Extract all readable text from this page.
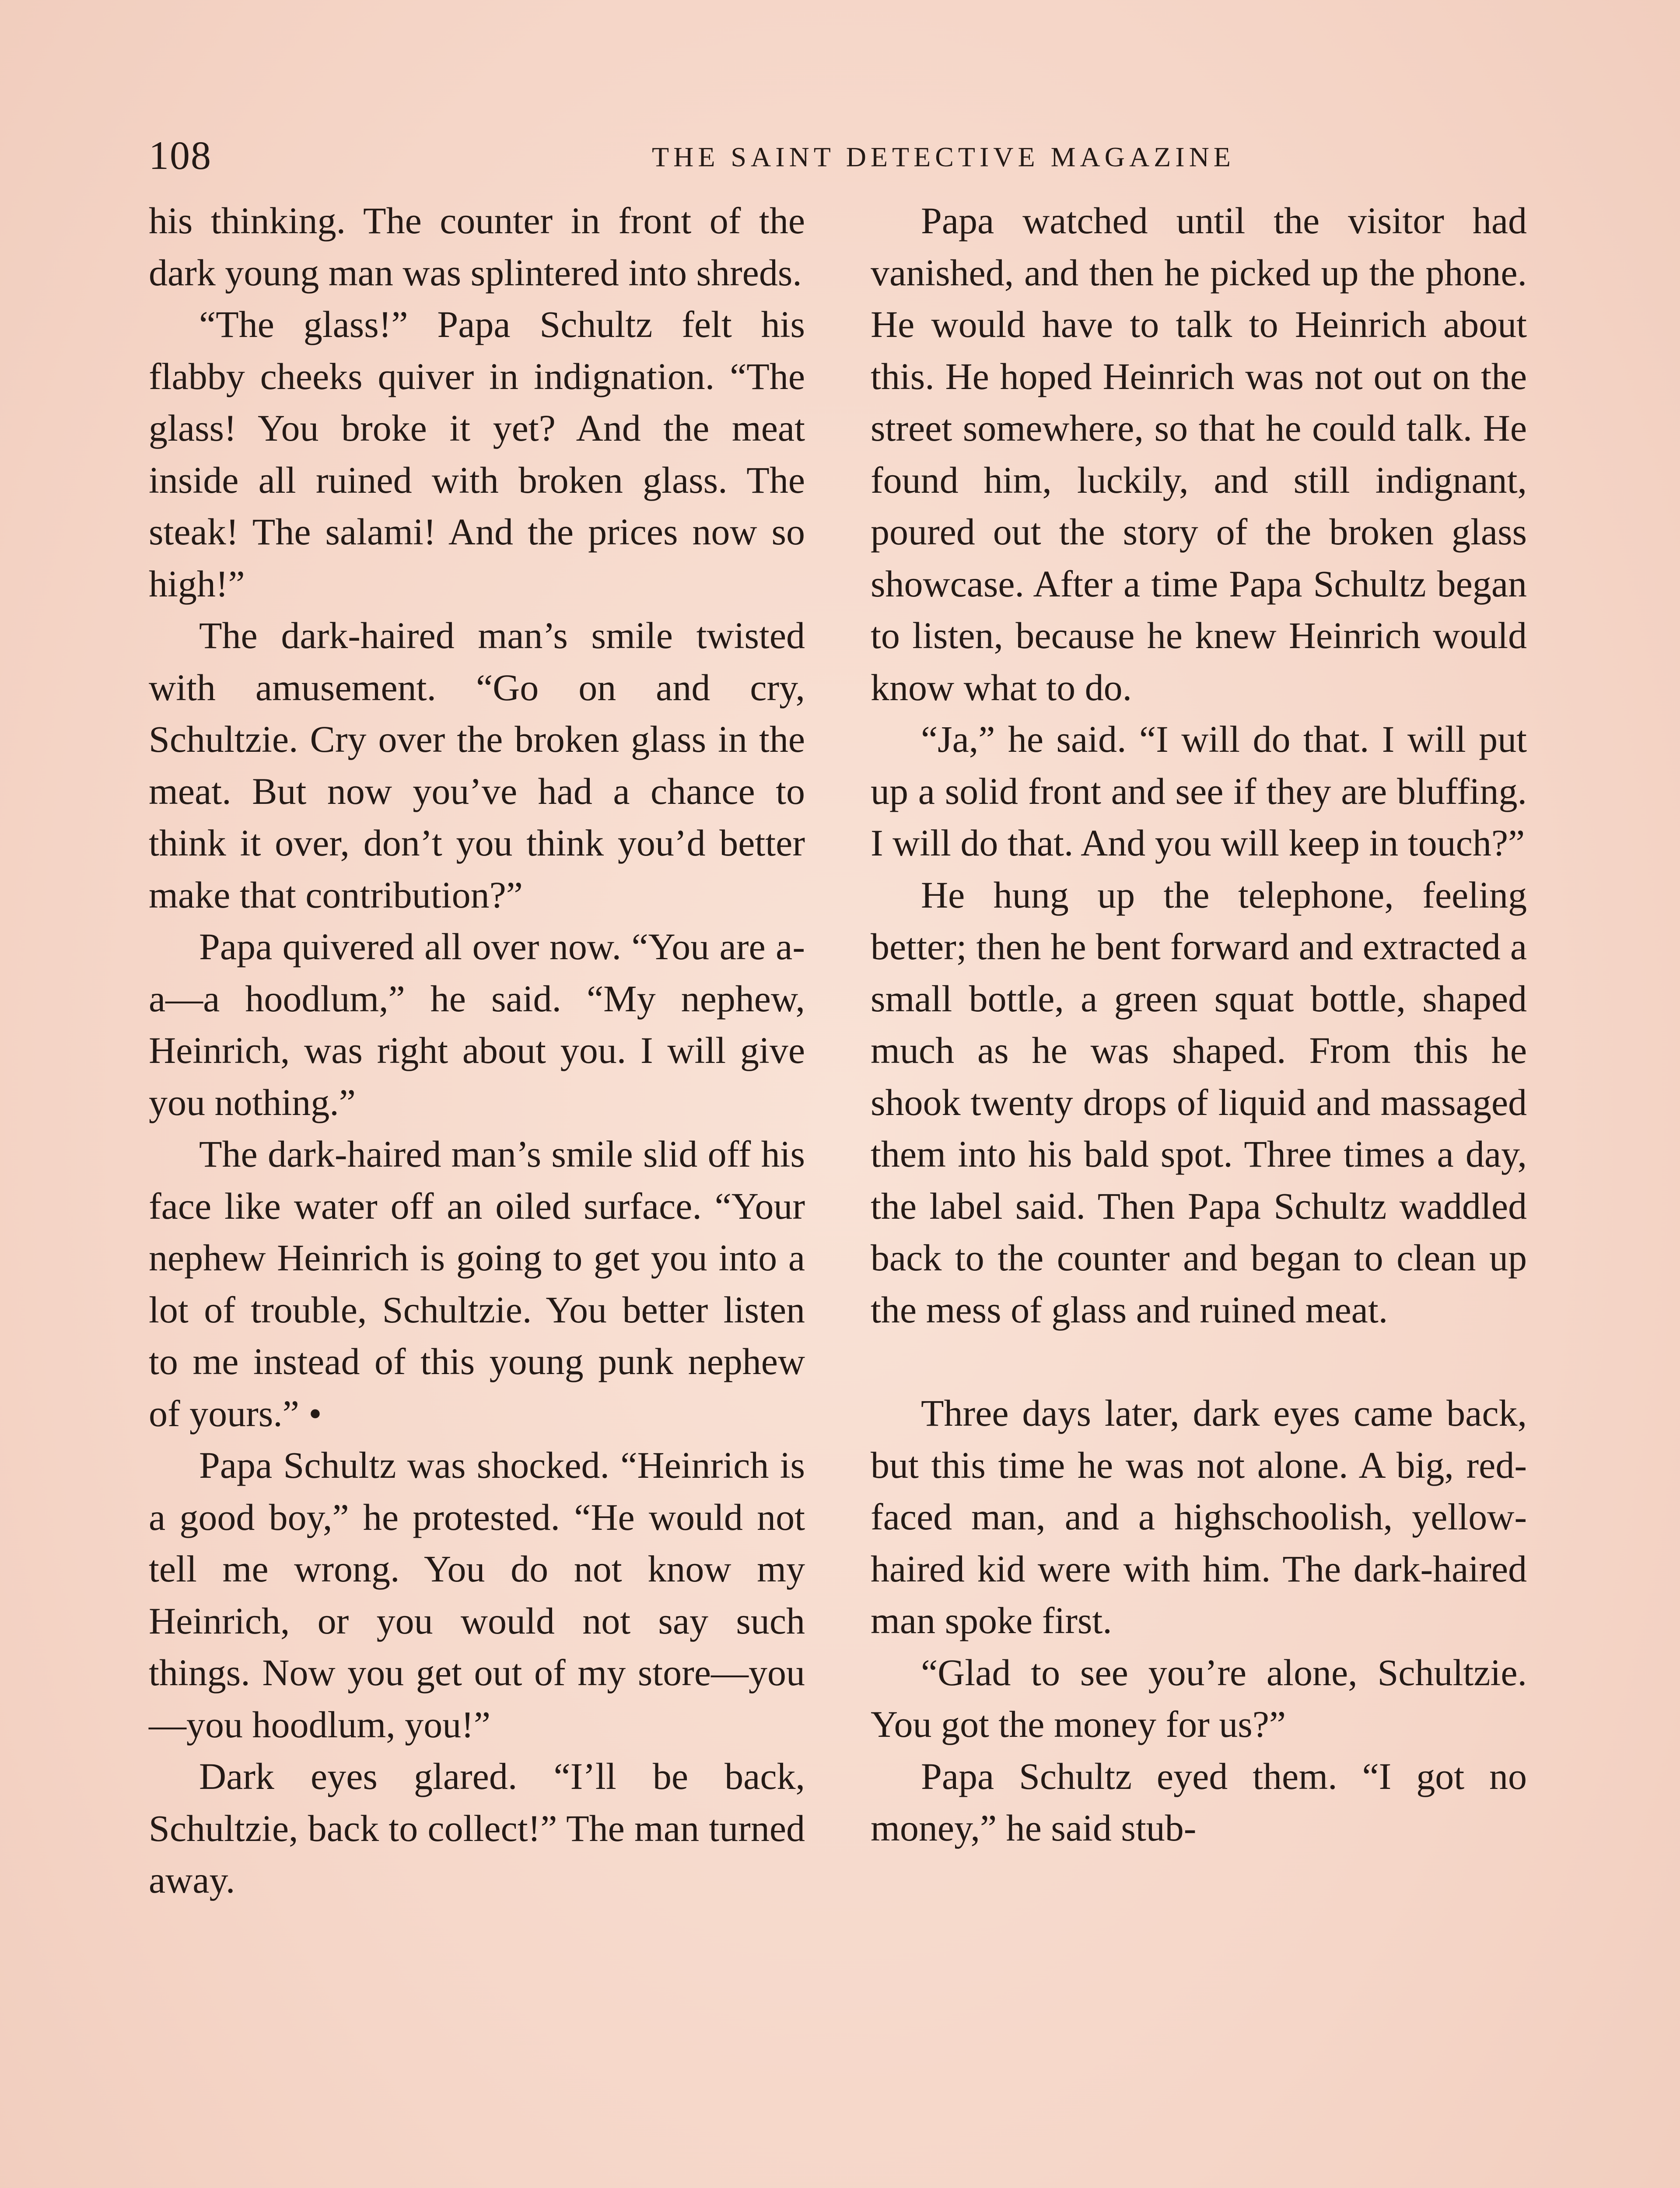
108	THE SAINT DETECTIVE MAGAZINE

his thinking. The counter in front of the dark young man was splintered into shreds.

“The glass!” Papa Schultz felt his flabby cheeks quiver in indignation. “The glass! You broke it yet? And the meat inside all ruined with broken glass. The steak! The salami! And the prices now so high!”

The dark-haired man’s smile twisted with amusement. “Go on and cry, Schultzie. Cry over the broken glass in the meat. But now you’ve had a chance to think it over, don’t you think you’d better make that contribution?”

Papa quivered all over now. “You are a-a—a hoodlum,” he said. “My nephew, Heinrich, was right about you. I will give you nothing.”

The dark-haired man’s smile slid off his face like water off an oiled surface. “Your nephew Heinrich is going to get you into a lot of trouble, Schultzie. You better listen to me instead of this young punk nephew of yours.” •

Papa Schultz was shocked. “Heinrich is a good boy,” he protested. “He would not tell me wrong. You do not know my Heinrich, or you would not say such things. Now you get out of my store—you—you hoodlum, you!”

Dark eyes glared. “I’ll be back, Schultzie, back to collect!” The man turned away.

Papa watched until the visitor had vanished, and then he picked up the phone. He would have to talk to Heinrich about this. He hoped Heinrich was not out on the street somewhere, so that he could talk. He found him, luckily, and still indignant, poured out the story of the broken glass showcase. After a time Papa Schultz began to listen, because he knew Heinrich would know what to do.

“Ja,” he said. “I will do that. I will put up a solid front and see if they are bluffing. I will do that. And you will keep in touch?”

He hung up the telephone, feeling better; then he bent forward and extracted a small bottle, a green squat bottle, shaped much as he was shaped. From this he shook twenty drops of liquid and massaged them into his bald spot. Three times a day, the label said. Then Papa Schultz waddled back to the counter and began to clean up the mess of glass and ruined meat.

Three days later, dark eyes came back, but this time he was not alone. A big, red-faced man, and a highschoolish, yellow-haired kid were with him. The dark-haired man spoke first.

“Glad to see you’re alone, Schultzie. You got the money for us?”

Papa Schultz eyed them. “I got no money,” he said stub-
